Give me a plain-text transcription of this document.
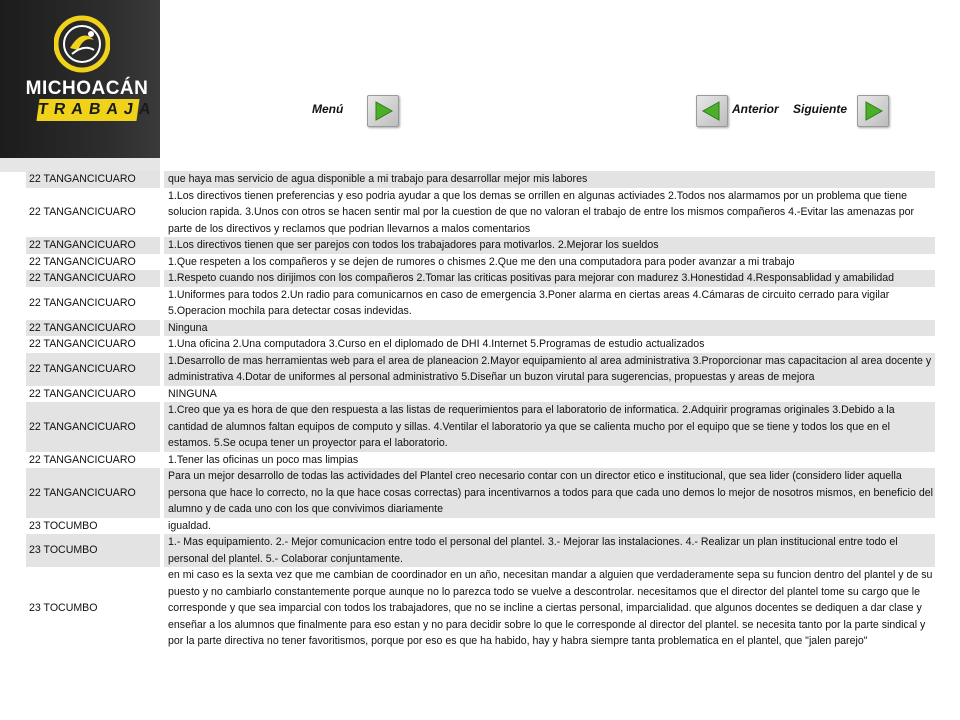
MICHOACÁN
TRABAJA	Menú	Anterior Siguiente
22 TANGANCICUARO	que haya mas servicio de agua disponible a mi trabajo para desarrollar mejor mis labores
22 TANGANCICUARO	1.Los directivos tienen preferencias y eso podria ayudar a que los demas se orrillen en algunas activiades 2.Todos nos alarmamos por un problema que tiene solucion rapida. 3.Unos con otros se hacen sentir mal por la cuestion de que no valoran el trabajo de entre los mismos compañeros 4.-Evitar las amenazas por parte de los directivos y reclamos que podrian llevarnos a malos comentarios
22 TANGANCICUARO	1.Los directivos tienen que ser parejos con todos los trabajadores para motivarlos. 2.Mejorar los sueldos
22 TANGANCICUARO	1.Que respeten a los compañeros y se dejen de rumores o chismes 2.Que me den una computadora para poder avanzar a mi trabajo
22 TANGANCICUARO	1.Respeto cuando nos dirijimos con los compañeros 2.Tomar las criticas positivas para mejorar con madurez 3.Honestidad 4.Responsablidad y amabilidad
22 TANGANCICUARO	1.Uniformes para todos 2.Un radio para comunicarnos en caso de emergencia 3.Poner alarma en ciertas areas 4.Cámaras de circuito cerrado para vigilar 5.Operacion mochila para detectar cosas indevidas.
22 TANGANCICUARO	Ninguna
22 TANGANCICUARO	1.Una oficina 2.Una computadora 3.Curso en el diplomado de DHI 4.Internet 5.Programas de estudio actualizados
22 TANGANCICUARO	1.Desarrollo de mas herramientas web para el area de planeacion 2.Mayor equipamiento al area administrativa 3.Proporcionar mas capacitacion al area docente y administrativa 4.Dotar de uniformes al personal administrativo 5.Diseñar un buzon virutal para sugerencias, propuestas y areas de mejora
22 TANGANCICUARO	NINGUNA
22 TANGANCICUARO	1.Creo que ya es hora de que den respuesta a las listas de requerimientos para el laboratorio de informatica. 2.Adquirir programas originales 3.Debido a la cantidad de alumnos faltan equipos de computo y sillas. 4.Ventilar el laboratorio ya que se calienta mucho por el equipo que se tiene y todos los que en el estamos. 5.Se ocupa tener un proyector para el laboratorio.
22 TANGANCICUARO	1.Tener las oficinas un poco mas limpias
22 TANGANCICUARO	Para un mejor desarrollo de todas las actividades del Plantel creo necesario contar con un director etico e institucional, que sea lider (considero lider aquella persona que hace lo correcto, no la que hace cosas correctas) para incentivarnos a todos para que cada uno demos lo mejor de nosotros mismos, en beneficio del alumno y de cada uno con los que convivimos diariamente
23 TOCUMBO	igualdad.
23 TOCUMBO	1.- Mas equipamiento. 2.- Mejor comunicacion entre todo el personal del plantel. 3.- Mejorar las instalaciones. 4.- Realizar un plan institucional entre todo el personal del plantel. 5.- Colaborar conjuntamente.
23 TOCUMBO	en mi caso es la sexta vez que me cambian de coordinador en un año, necesitan mandar a alguien que verdaderamente sepa su funcion dentro del plantel y de su puesto y no cambiarlo constantemente porque aunque no lo parezca todo se vuelve a descontrolar. necesitamos que el director del plantel tome su cargo que le corresponde y que sea imparcial con todos los trabajadores, que no se incline a ciertas personal, imparcialidad. que algunos docentes se dediquen a dar clase y enseñar a los alumnos que finalmente para eso estan y no para decidir sobre lo que le corresponde al director del plantel. se necesita tanto por la parte sindical y por la parte directiva no tener favoritismos, porque por eso es que ha habido, hay y habra siempre tanta problematica en el plantel, que "jalen parejo"
